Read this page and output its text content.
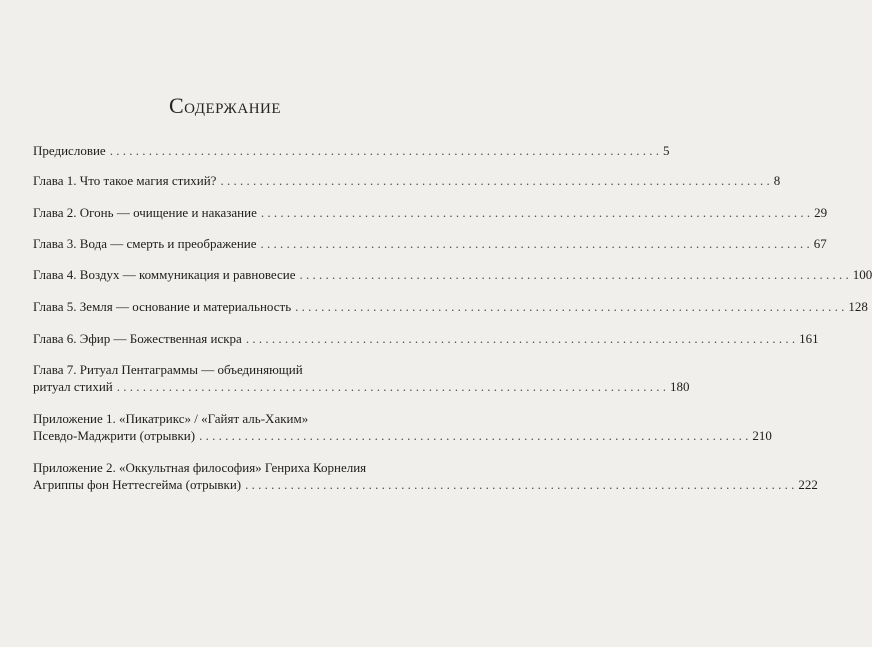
Содержание
Предисловие . . .	5
Глава 1. Что такое магия стихий? . . .	8
Глава 2. Огонь — очищение и наказание . . .	29
Глава 3. Вода — смерть и преображение . . .	67
Глава 4. Воздух — коммуникация и равновесие . . .	100
Глава 5. Земля — основание и материальность . . .	128
Глава 6. Эфир — Божественная искра . . .	161
Глава 7. Ритуал Пентаграммы — объединяющий
ритуал стихий . . .	180
Приложение 1. «Пикатрикс» / «Гайят аль-Хаким»
Псевдо-Маджрити (отрывки) . . .	210
Приложение 2. «Оккультная философия» Генриха Корнелия
Агриппы фон Неттесгейма (отрывки) . . .	222
